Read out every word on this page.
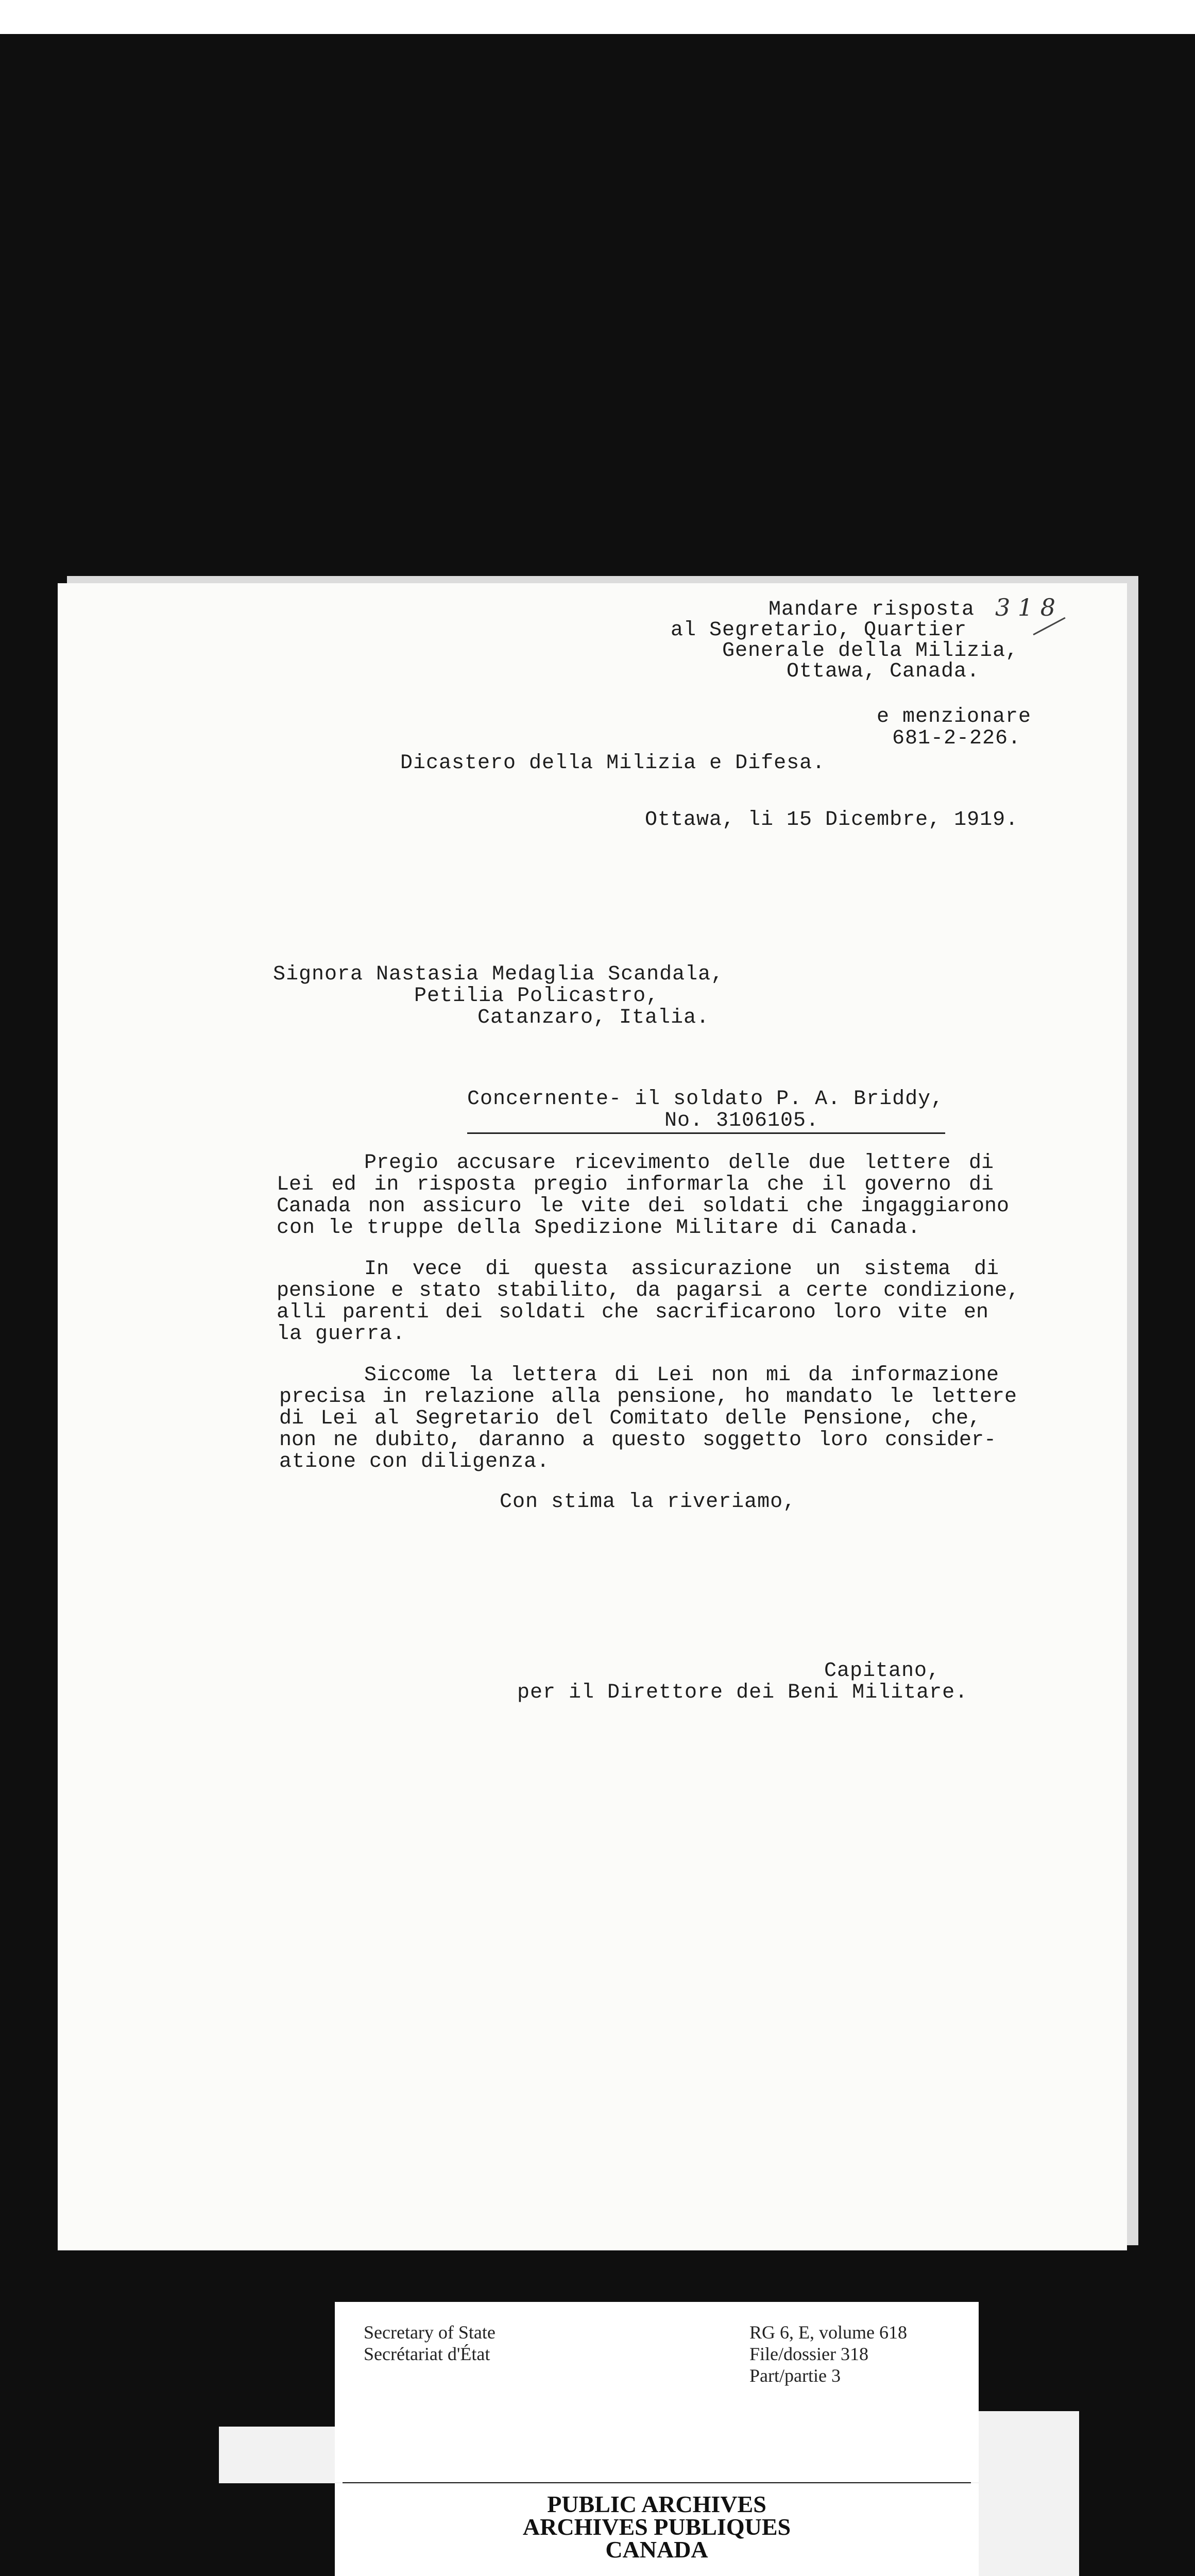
Mandare risposta
al Segretario, Quartier
Generale della Milizia,
Ottawa, Canada.
3 1 8
e menzionare
681-2-226.
Dicastero della Milizia e Difesa.
Ottawa, li 15 Dicembre, 1919.
Signora Nastasia Medaglia Scandala,
Petilia Policastro,
Catanzaro, Italia.
Concernente- il soldato P. A. Briddy,
No. 3106105.
Pregio accusare ricevimento delle due lettere di
Lei ed in risposta pregio informarla che il governo di
Canada non assicuro le vite dei soldati che ingaggiarono
con le truppe della Spedizione Militare di Canada.
In vece di questa assicurazione un sistema di
pensione e stato stabilito, da pagarsi a certe condizione,
alli parenti dei soldati che sacrificarono loro vite en
la guerra.
Siccome la lettera di Lei non mi da informazione
precisa in relazione alla pensione, ho mandato le lettere
di Lei al Segretario del Comitato delle Pensione, che,
non ne dubito, daranno a questo soggetto loro consider-
atione con diligenza.
Con stima la riveriamo,
Capitano,
per il Direttore dei Beni Militare.
Secretary of State
Secrétariat d'État
RG 6, E, volume 618
File/dossier 318
Part/partie 3
PUBLIC ARCHIVES
ARCHIVES PUBLIQUES
CANADA
